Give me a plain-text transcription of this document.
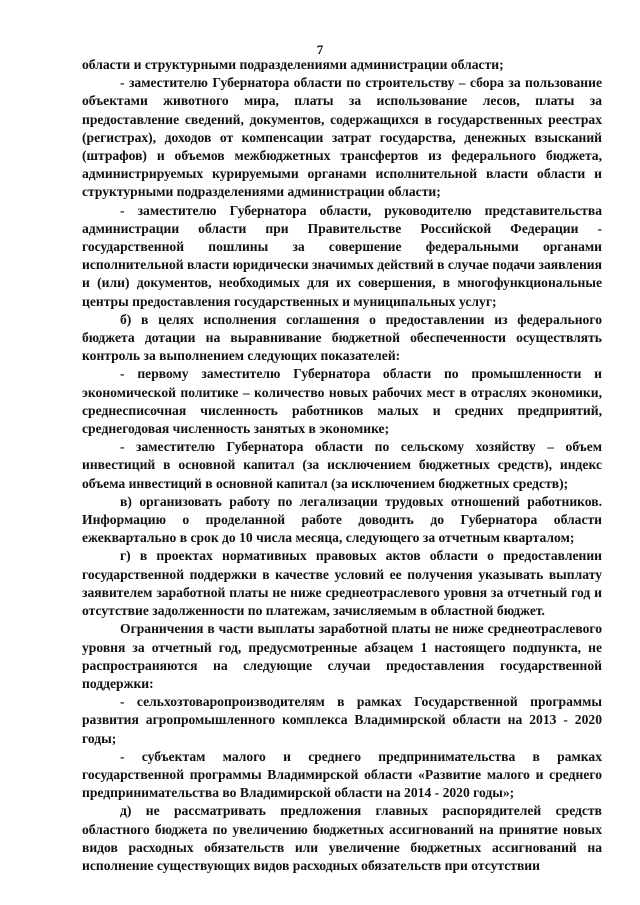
7

области и структурными подразделениями администрации области;

- заместителю Губернатора области по строительству – сбора за пользование объектами животного мира, платы за использование лесов, платы за предоставление сведений, документов, содержащихся в государственных реестрах (регистрах), доходов от компенсации затрат государства, денежных взысканий (штрафов) и объемов межбюджетных трансфертов из федерального бюджета, администрируемых курируемыми органами исполнительной власти области и структурными подразделениями администрации области;

- заместителю Губернатора области, руководителю представительства администрации области при Правительстве Российской Федерации - государственной пошлины за совершение федеральными органами исполнительной власти юридически значимых действий в случае подачи заявления и (или) документов, необходимых для их совершения, в многофункциональные центры предоставления государственных и муниципальных услуг;

б) в целях исполнения соглашения о предоставлении из федерального бюджета дотации на выравнивание бюджетной обеспеченности осуществлять контроль за выполнением следующих показателей:

- первому заместителю Губернатора области по промышленности и экономической политике – количество новых рабочих мест в отраслях экономики, среднесписочная численность работников малых и средних предприятий, среднегодовая численность занятых в экономике;

- заместителю Губернатора области по сельскому хозяйству – объем инвестиций в основной капитал (за исключением бюджетных средств), индекс объема инвестиций в основной капитал (за исключением бюджетных средств);

в) организовать работу по легализации трудовых отношений работников. Информацию о проделанной работе доводить до Губернатора области ежеквартально в срок до 10 числа месяца, следующего за отчетным кварталом;

г) в проектах нормативных правовых актов области о предоставлении государственной поддержки в качестве условий ее получения указывать выплату заявителем заработной платы не ниже среднеотраслевого уровня за отчетный год и отсутствие задолженности по платежам, зачисляемым в областной бюджет.

Ограничения в части выплаты заработной платы не ниже среднеотраслевого уровня за отчетный год, предусмотренные абзацем 1 настоящего подпункта, не распространяются на следующие случаи предоставления государственной поддержки:

- сельхозтоваропроизводителям в рамках Государственной программы развития агропромышленного комплекса Владимирской области на 2013 - 2020 годы;

- субъектам малого и среднего предпринимательства в рамках государственной программы Владимирской области «Развитие малого и среднего предпринимательства во Владимирской области на 2014 - 2020 годы»;

д) не рассматривать предложения главных распорядителей средств областного бюджета по увеличению бюджетных ассигнований на принятие новых видов расходных обязательств или увеличение бюджетных ассигнований на исполнение существующих видов расходных обязательств при отсутствии
